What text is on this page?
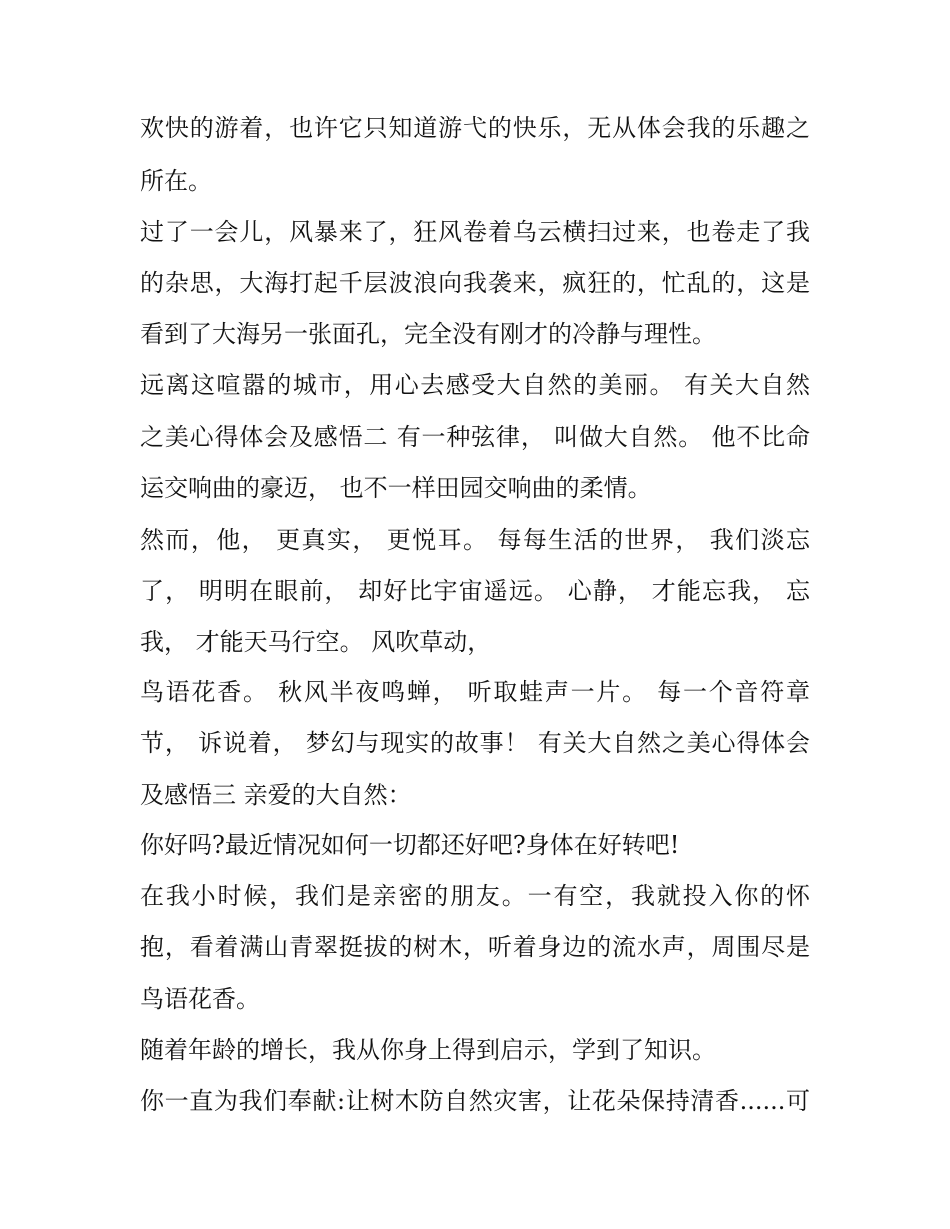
欢快的游着，也许它只知道游弋的快乐，无从体会我的乐趣之
所在。
过了一会儿，风暴来了，狂风卷着乌云横扫过来，也卷走了我
的杂思，大海打起千层波浪向我袭来，疯狂的，忙乱的，这是
看到了大海另一张面孔，完全没有刚才的冷静与理性。
远离这喧嚣的城市，用心去感受大自然的美丽。 有关大自然
之美心得体会及感悟二 有一种弦律， 叫做大自然。 他不比命
运交响曲的豪迈， 也不一样田园交响曲的柔情。
然而，他， 更真实， 更悦耳。 每每生活的世界， 我们淡忘
了， 明明在眼前， 却好比宇宙遥远。 心静， 才能忘我， 忘
我， 才能天马行空。 风吹草动，
鸟语花香。 秋风半夜鸣蝉， 听取蛙声一片。 每一个音符章
节， 诉说着， 梦幻与现实的故事！ 有关大自然之美心得体会
及感悟三 亲爱的大自然：
你好吗?最近情况如何一切都还好吧?身体在好转吧!
在我小时候，我们是亲密的朋友。一有空，我就投入你的怀
抱，看着满山青翠挺拔的树木，听着身边的流水声，周围尽是
鸟语花香。
随着年龄的增长，我从你身上得到启示，学到了知识。
你一直为我们奉献:让树木防自然灾害，让花朵保持清香......可
